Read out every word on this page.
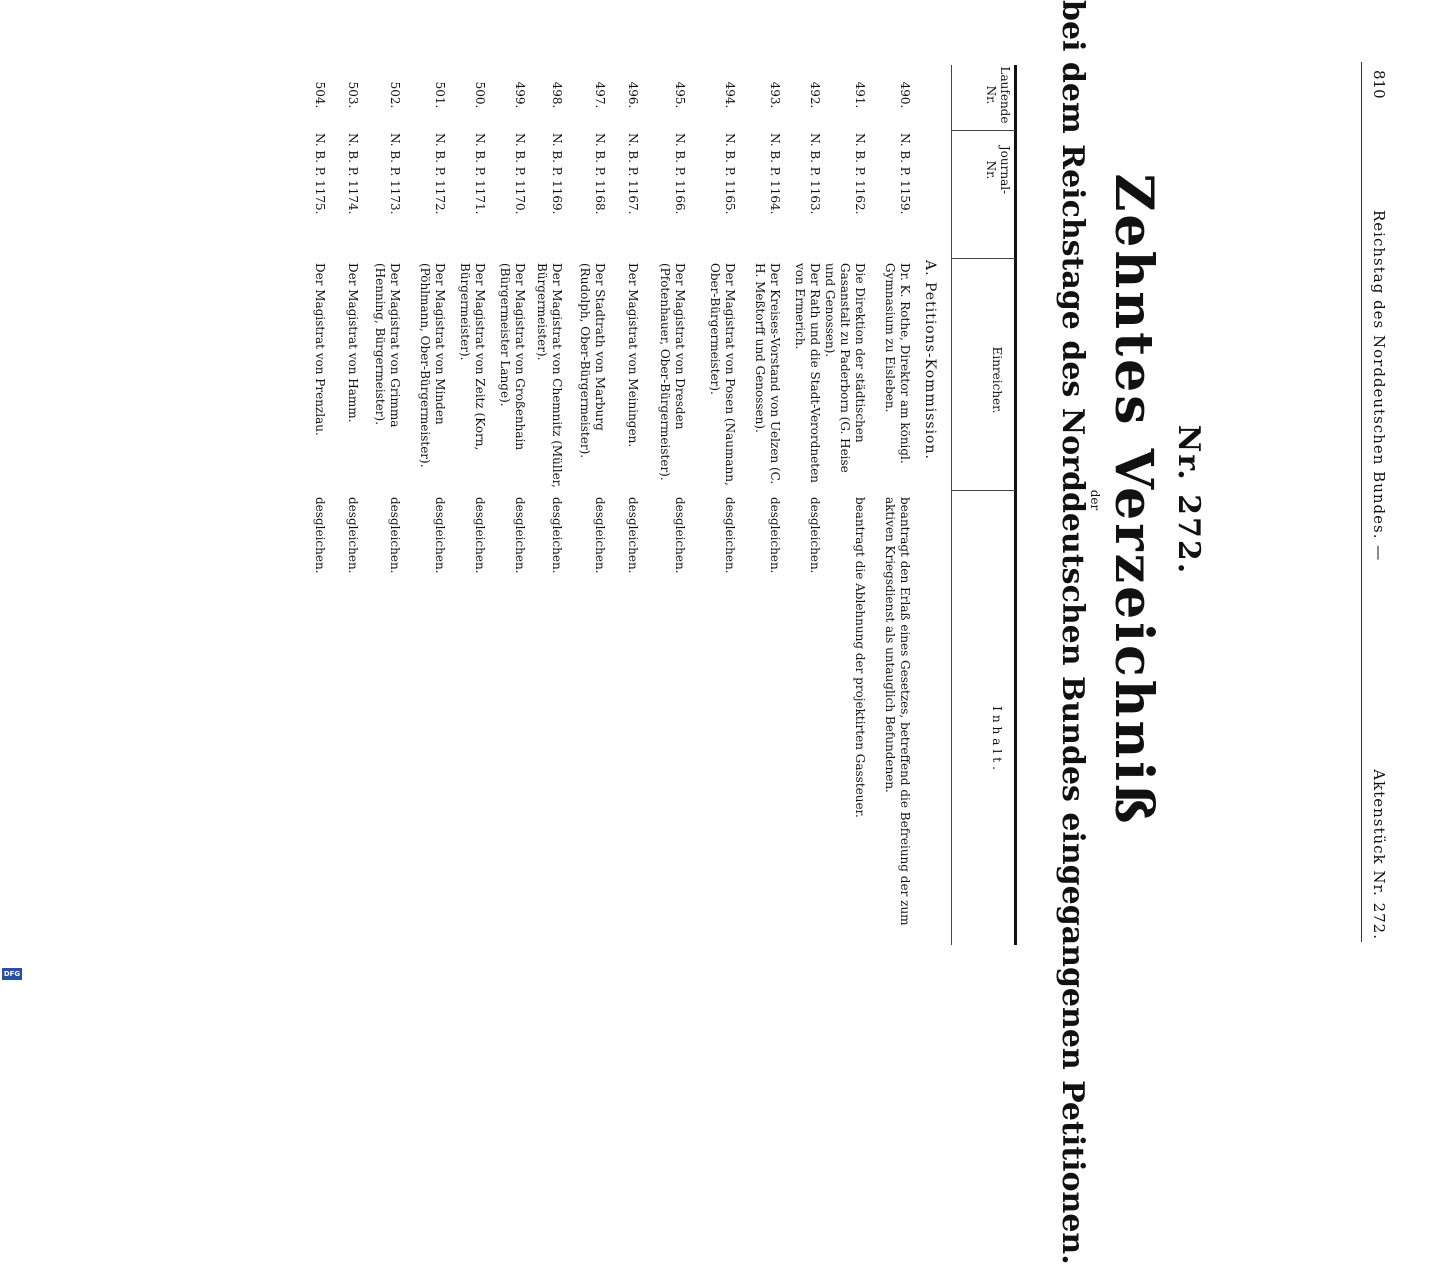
810
Reichstag des Norddeutschen Bundes. —
Aktenstück Nr. 272.
Nr. 272.
Zehntes Verzeichniß
der
bei dem Reichstage des Norddeutschen Bundes eingegangenen Petitionen.
Laufende Nr.
Journal- Nr.
Einreicher.
Inhalt.
A. Petitions-Kommission.
490.
N. B. P. 1159.
Dr. K. Rothe, Direktor am königl. Gymnasium zu Eisleben.
beantragt den Erlaß eines Gesetzes, betreffend die Befreiung der zum aktiven Kriegsdienst als untauglich Befundenen.
491.
N. B. P. 1162.
Die Direktion der städtischen Gasanstalt zu Paderborn (G. Heise und Genossen).
beantragt die Ablehnung der projektirten Gassteuer.
492.
N. B. P. 1163.
Der Rath und die Stadt-Verordneten von Ermerich.
desgleichen.
493.
N. B. P. 1164.
Der Kreises-Vorstand von Uelzen (C. H. Meßtorff und Genossen).
desgleichen.
494.
N. B. P. 1165.
Der Magistrat von Posen (Naumann, Ober-Bürgermeister).
desgleichen.
495.
N. B. P. 1166.
Der Magistrat von Dresden (Pfotenhauer, Ober-Bürgermeister).
desgleichen.
496.
N. B. P. 1167.
Der Magistrat von Meiningen.
desgleichen.
497.
N. B. P. 1168.
Der Stadtrath von Marburg (Rudolph, Ober-Bürgermeister).
desgleichen.
498.
N. B. P. 1169.
Der Magistrat von Chemnitz (Müller, Bürgermeister).
desgleichen.
499.
N. B. P. 1170.
Der Magistrat von Großenhain (Bürgermeister Lange).
desgleichen.
500.
N. B. P. 1171.
Der Magistrat von Zeitz (Korn, Bürgermeister).
desgleichen.
501.
N. B. P. 1172.
Der Magistrat von Minden (Pöhlmann, Ober-Bürgermeister).
desgleichen.
502.
N. B. P. 1173.
Der Magistrat von Grimma (Henning, Bürgermeister).
desgleichen.
503.
N. B. P. 1174.
Der Magistrat von Hamm.
desgleichen.
504.
N. B. P. 1175.
Der Magistrat von Prenzlau.
desgleichen.
DFG
